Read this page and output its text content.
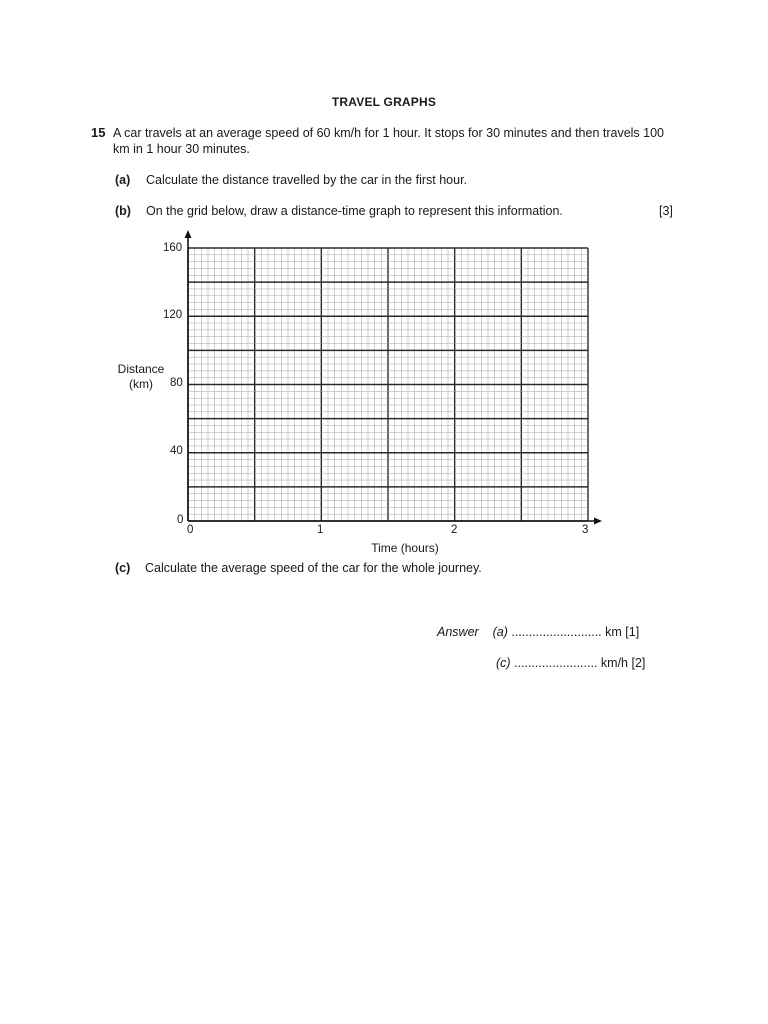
TRAVEL GRAPHS
15 A car travels at an average speed of 60 km/h for 1 hour. It stops for 30 minutes and then travels 100 km in 1 hour 30 minutes.
(a) Calculate the distance travelled by the car in the first hour.
(b) On the grid below, draw a distance-time graph to represent this information.	[3]
160
120
80
40
0
0	1	2	3
Distance
(km)
Time (hours)
(c) Calculate the average speed of the car for the whole journey.
Answer (a) .......................... km [1]
(c) ........................ km/h [2]
